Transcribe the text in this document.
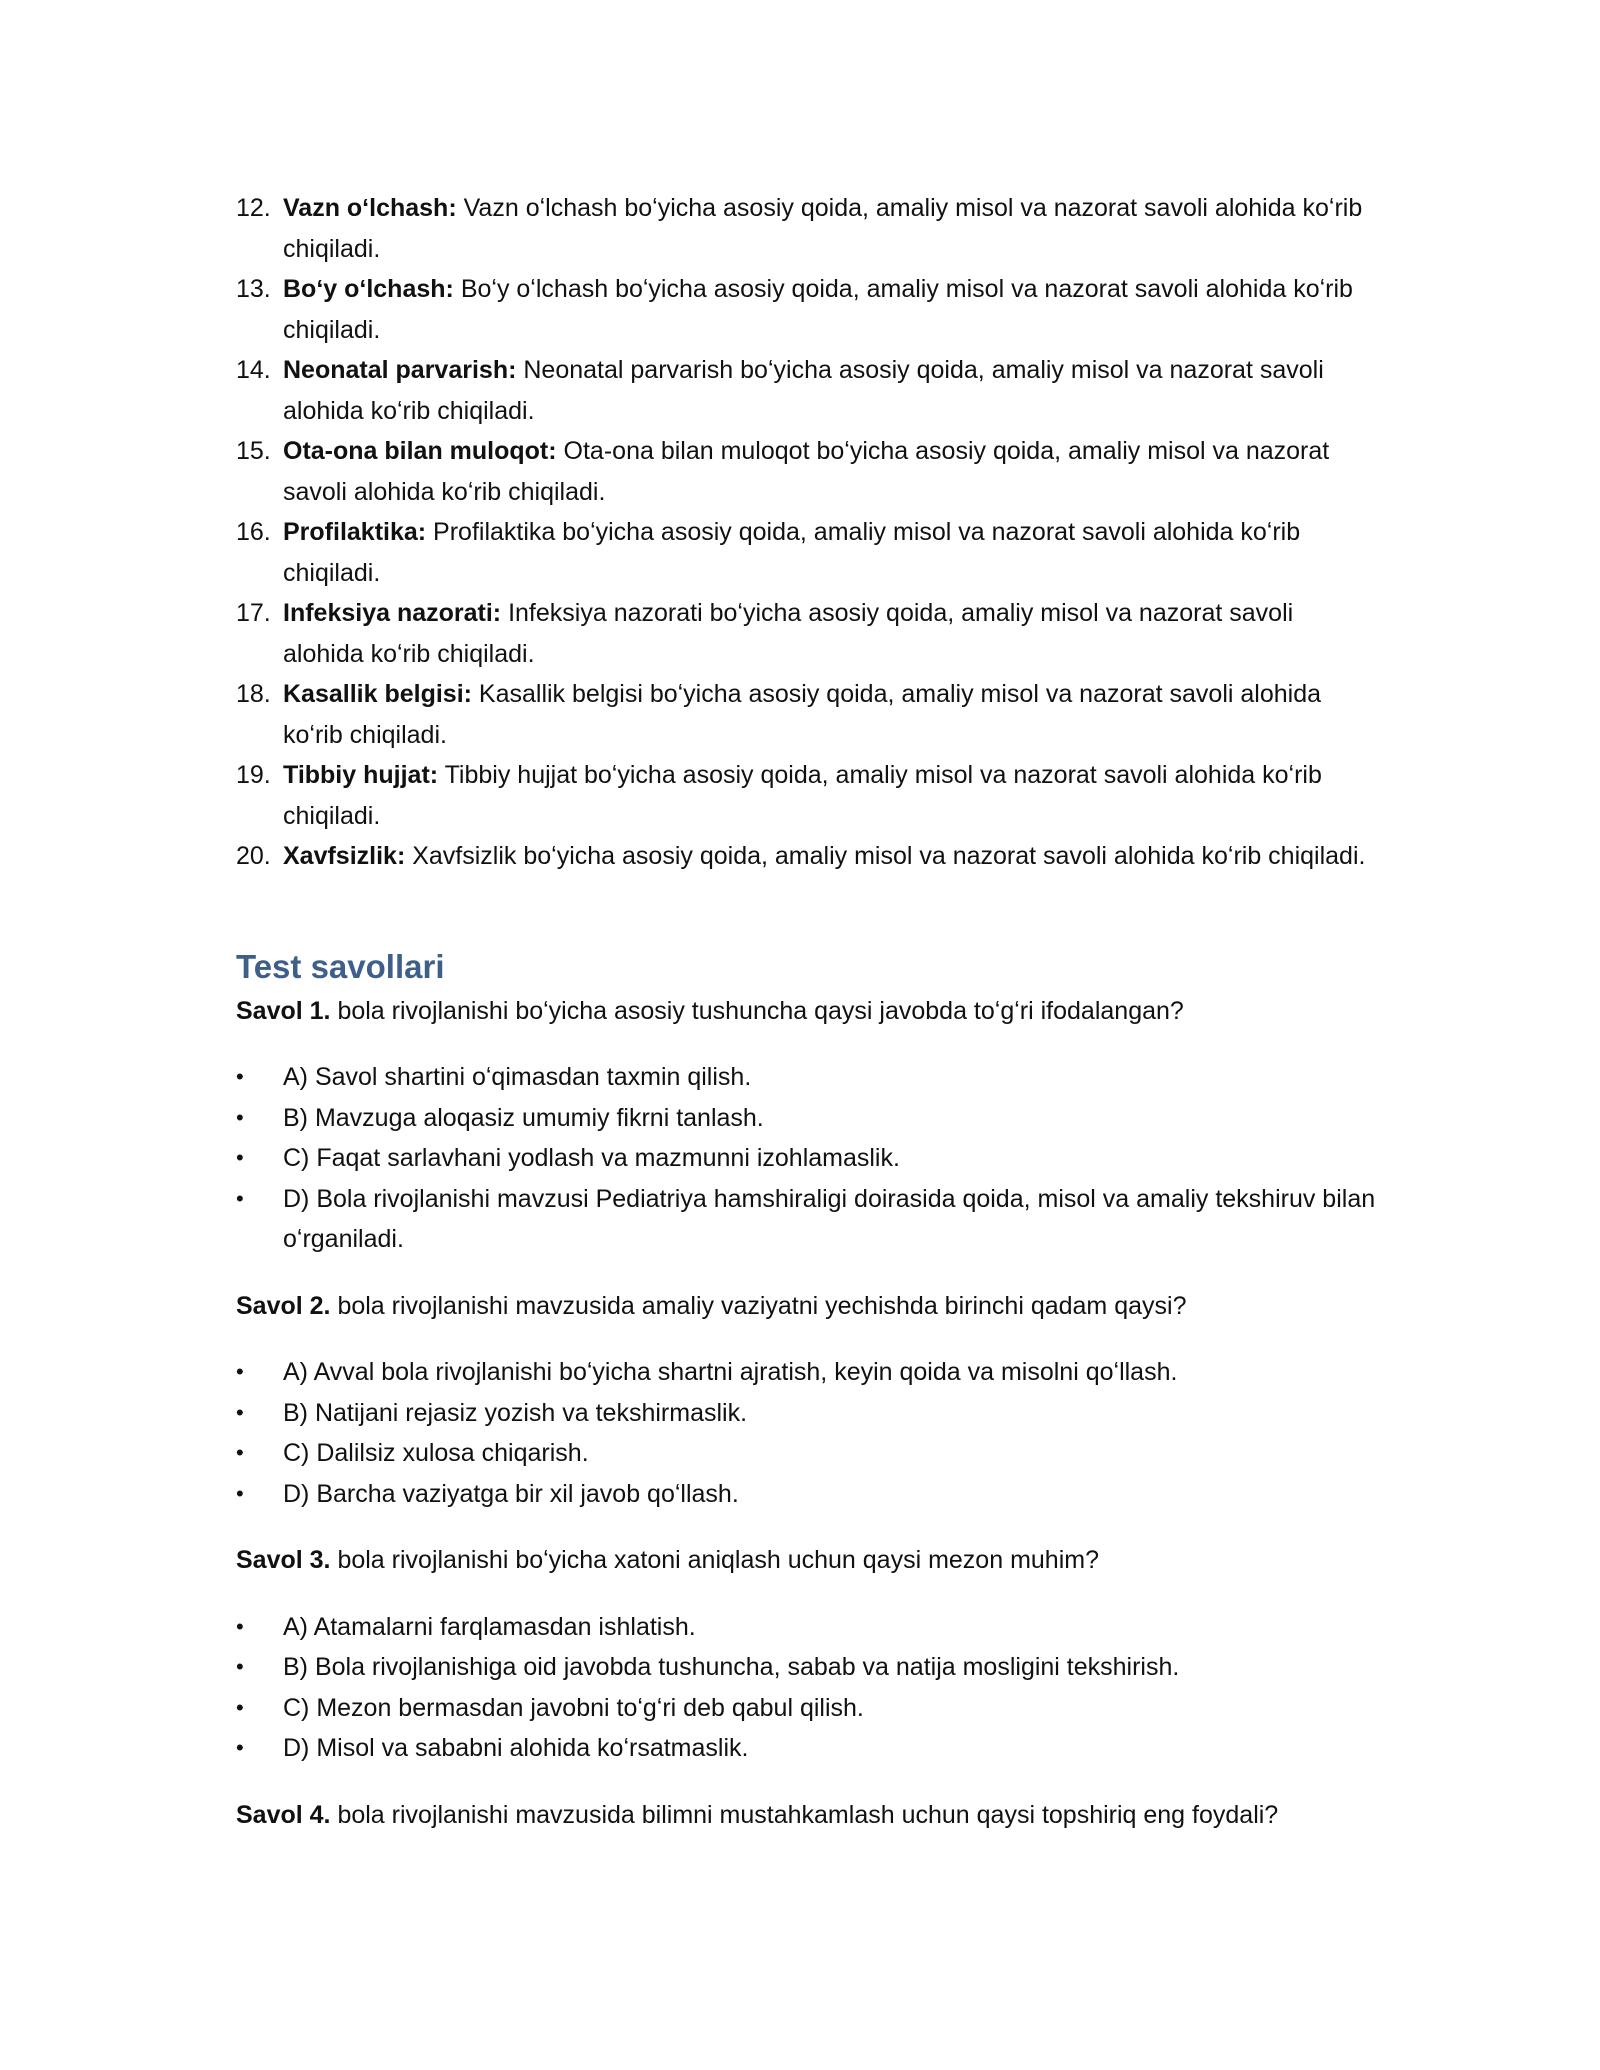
12. Vazn oʻlchash: Vazn oʻlchash boʻyicha asosiy qoida, amaliy misol va nazorat savoli alohida koʻrib chiqiladi.
13. Boʻy oʻlchash: Boʻy oʻlchash boʻyicha asosiy qoida, amaliy misol va nazorat savoli alohida koʻrib chiqiladi.
14. Neonatal parvarish: Neonatal parvarish boʻyicha asosiy qoida, amaliy misol va nazorat savoli alohida koʻrib chiqiladi.
15. Ota-ona bilan muloqot: Ota-ona bilan muloqot boʻyicha asosiy qoida, amaliy misol va nazorat savoli alohida koʻrib chiqiladi.
16. Profilaktika: Profilaktika boʻyicha asosiy qoida, amaliy misol va nazorat savoli alohida koʻrib chiqiladi.
17. Infeksiya nazorati: Infeksiya nazorati boʻyicha asosiy qoida, amaliy misol va nazorat savoli alohida koʻrib chiqiladi.
18. Kasallik belgisi: Kasallik belgisi boʻyicha asosiy qoida, amaliy misol va nazorat savoli alohida koʻrib chiqiladi.
19. Tibbiy hujjat: Tibbiy hujjat boʻyicha asosiy qoida, amaliy misol va nazorat savoli alohida koʻrib chiqiladi.
20. Xavfsizlik: Xavfsizlik boʻyicha asosiy qoida, amaliy misol va nazorat savoli alohida koʻrib chiqiladi.
Test savollari

Savol 1. bola rivojlanishi boʻyicha asosiy tushuncha qaysi javobda toʻgʻri ifodalangan?

• A) Savol shartini oʻqimasdan taxmin qilish.
• B) Mavzuga aloqasiz umumiy fikrni tanlash.
• C) Faqat sarlavhani yodlash va mazmunni izohlamaslik.
• D) Bola rivojlanishi mavzusi Pediatriya hamshiraligi doirasida qoida, misol va amaliy tekshiruv bilan oʻrganiladi.

Savol 2. bola rivojlanishi mavzusida amaliy vaziyatni yechishda birinchi qadam qaysi?

• A) Avval bola rivojlanishi boʻyicha shartni ajratish, keyin qoida va misolni qoʻllash.
• B) Natijani rejasiz yozish va tekshirmaslik.
• C) Dalilsiz xulosa chiqarish.
• D) Barcha vaziyatga bir xil javob qoʻllash.

Savol 3. bola rivojlanishi boʻyicha xatoni aniqlash uchun qaysi mezon muhim?

• A) Atamalarni farqlamasdan ishlatish.
• B) Bola rivojlanishiga oid javobda tushuncha, sabab va natija mosligini tekshirish.
• C) Mezon bermasdan javobni toʻgʻri deb qabul qilish.
• D) Misol va sababni alohida koʻrsatmaslik.

Savol 4. bola rivojlanishi mavzusida bilimni mustahkamlash uchun qaysi topshiriq eng foydali?
